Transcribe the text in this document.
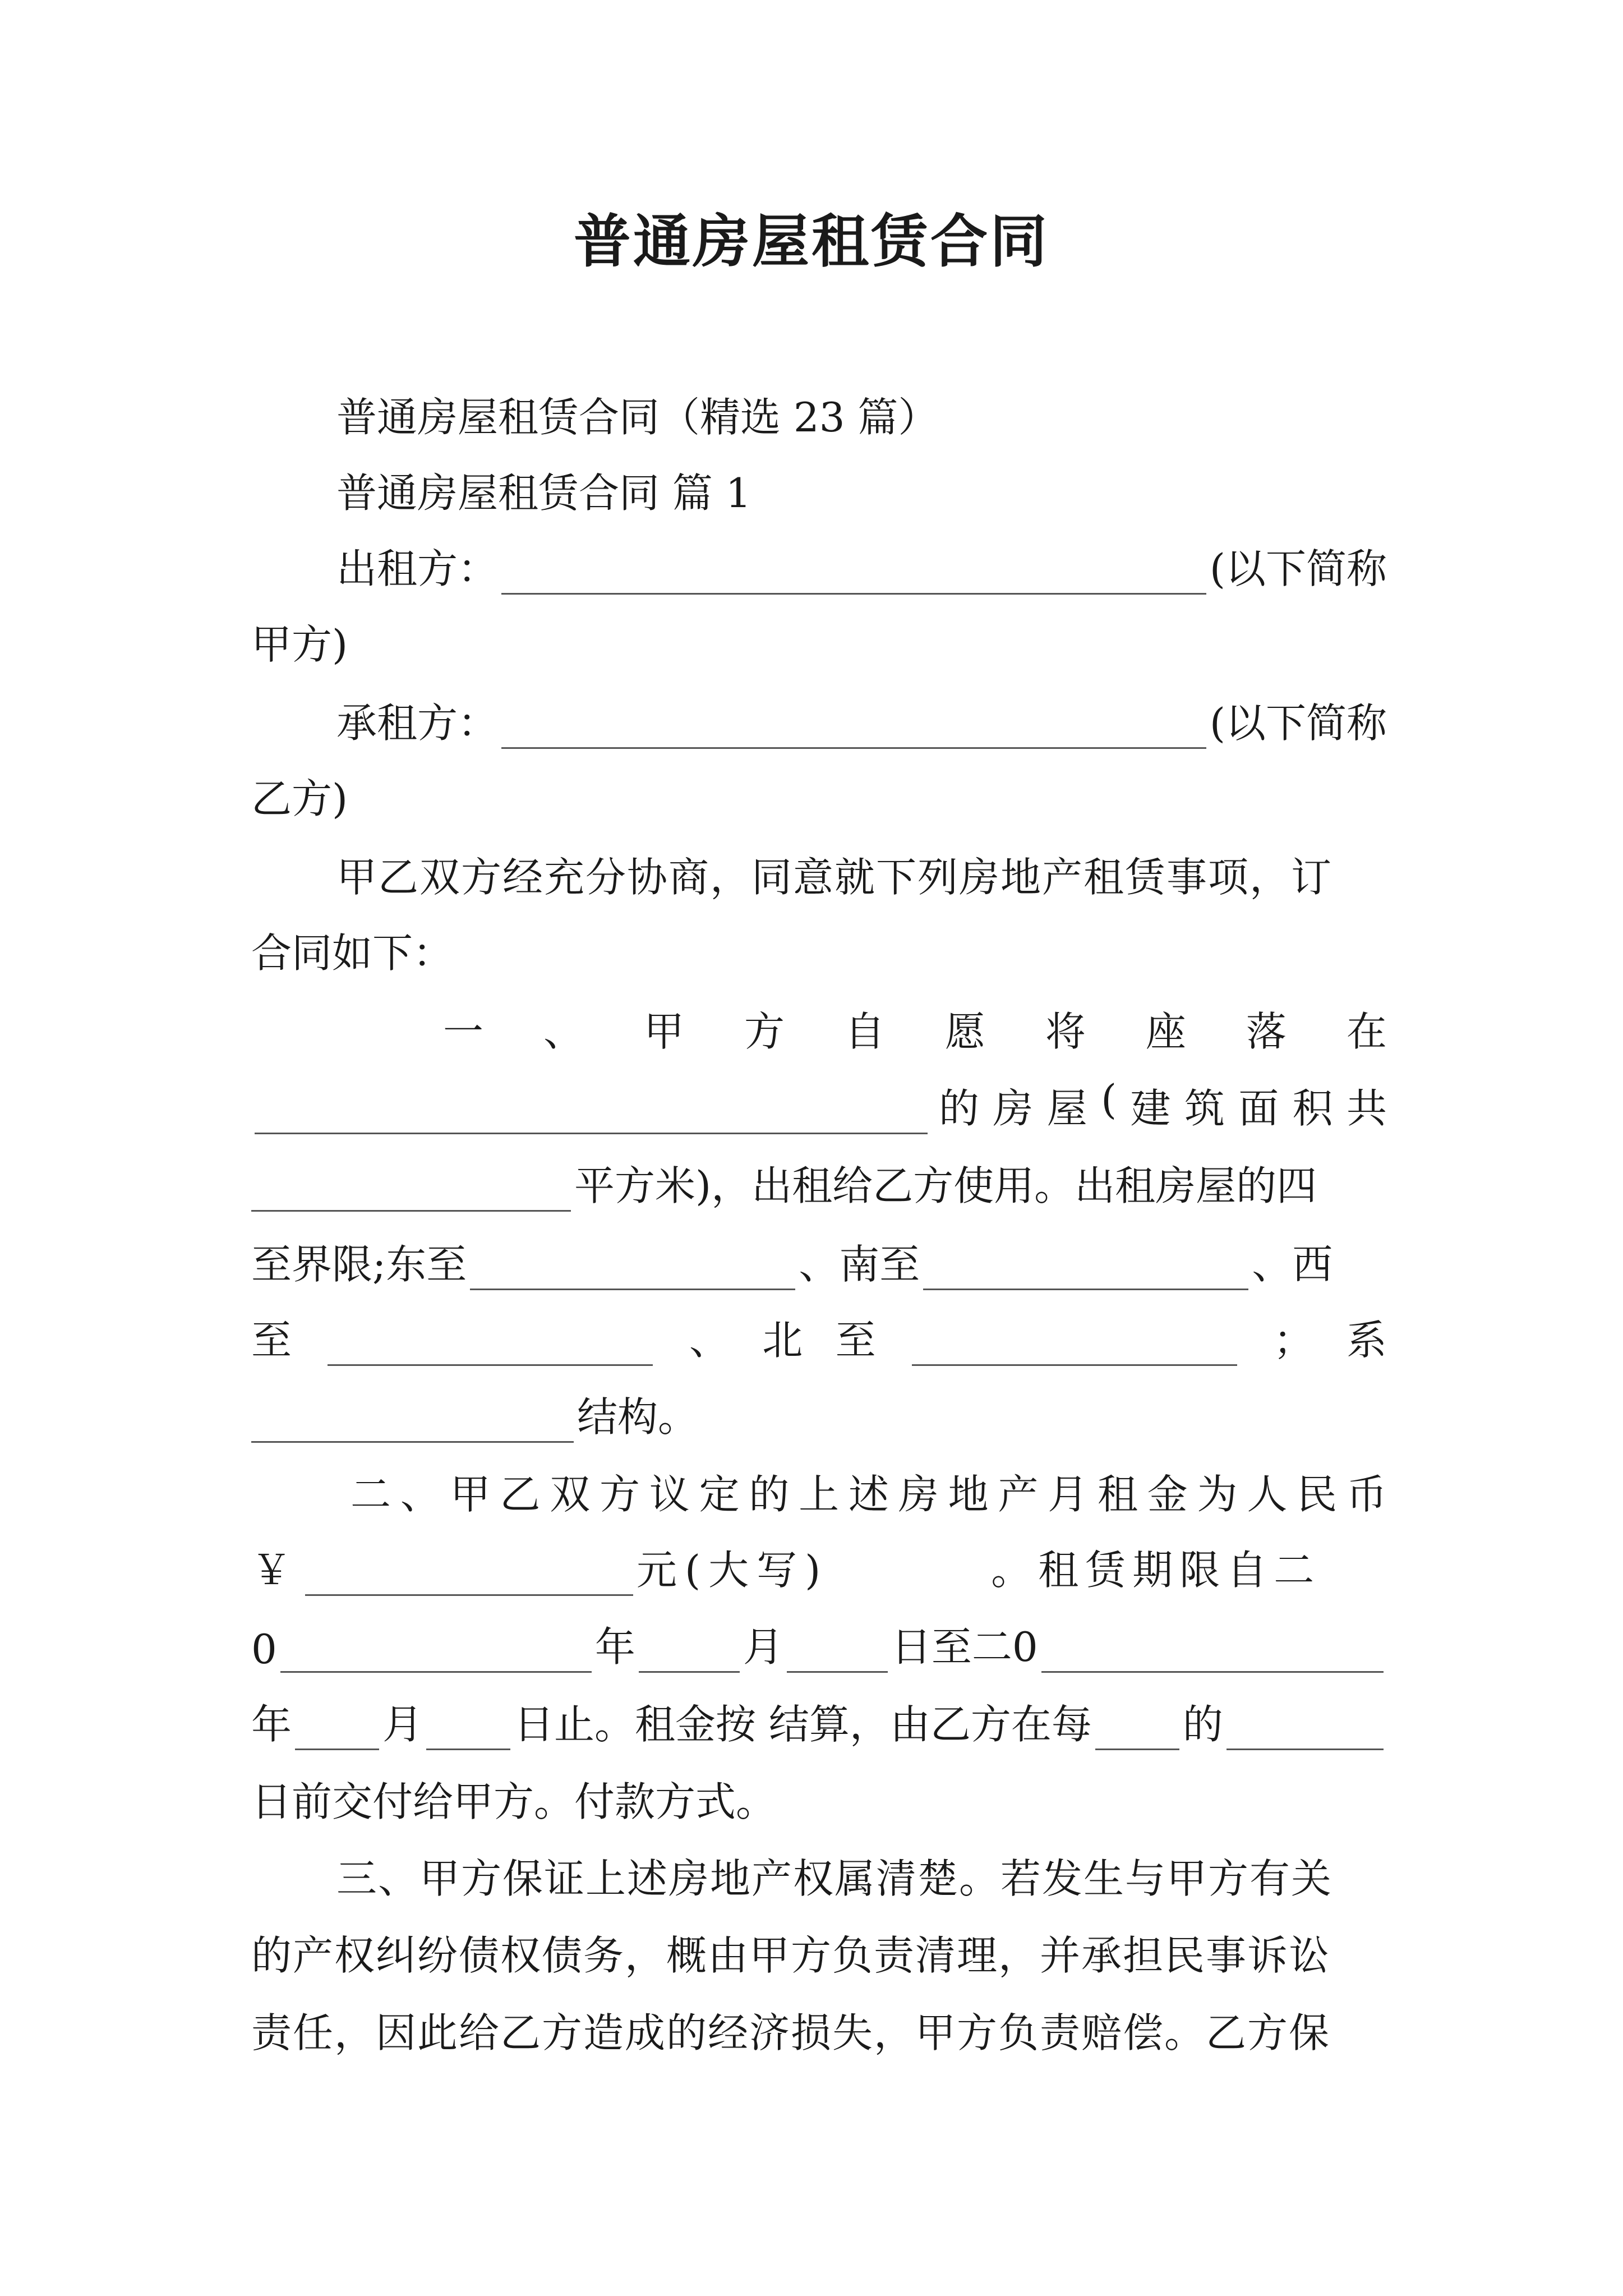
普通房屋租赁合同
普通房屋租赁合同（精选 23 篇）
普通房屋租赁合同 篇 1
出租方：	(以下简称
甲方)
承租方：	(以下简称
乙方)
甲乙双方经充分协商，同意就下列房地产租赁事项，订
合同如下：
一 、 甲 方 自 愿 将 座 落 在
的 房 屋 ( 建 筑 面 积 共
平方米)，出租给乙方使用。出租房屋的四
至界限;东至	、南至	、西
至	、 北 至	； 系
结构。
二 、 甲 乙 双 方 议 定 的 上 述 房 地 产 月 租 金 为 人 民 币
￥	元(大写)	。租赁期限自二
0	年	月	日至二0
年 月 日止。租金按 结算，由乙方在每 的
日前交付给甲方。付款方式。
三、甲方保证上述房地产权属清楚。若发生与甲方有关
的产权纠纷债权债务，概由甲方负责清理，并承担民事诉讼
责任，因此给乙方造成的经济损失，甲方负责赔偿。乙方保
